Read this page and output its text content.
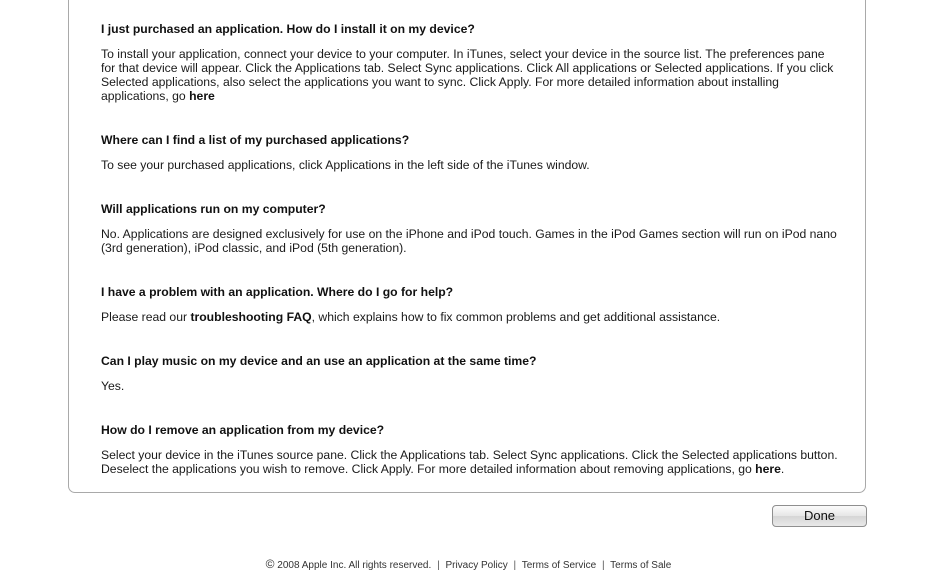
I just purchased an application. How do I install it on my device?

To install your application, connect your device to your computer. In iTunes, select your device in the source list. The preferences pane for that device will appear. Click the Applications tab. Select Sync applications. Click All applications or Selected applications. If you click Selected applications, also select the applications you want to sync. Click Apply. For more detailed information about installing applications, go here

Where can I find a list of my purchased applications?

To see your purchased applications, click Applications in the left side of the iTunes window.

Will applications run on my computer?

No. Applications are designed exclusively for use on the iPhone and iPod touch. Games in the iPod Games section will run on iPod nano (3rd generation), iPod classic, and iPod (5th generation).

I have a problem with an application. Where do I go for help?

Please read our troubleshooting FAQ, which explains how to fix common problems and get additional assistance.

Can I play music on my device and an use an application at the same time?

Yes.

How do I remove an application from my device?

Select your device in the iTunes source pane. Click the Applications tab. Select Sync applications. Click the Selected applications button. Deselect the applications you wish to remove. Click Apply. For more detailed information about removing applications, go here.

Done
© 2008 Apple Inc. All rights reserved. | Privacy Policy | Terms of Service | Terms of Sale
